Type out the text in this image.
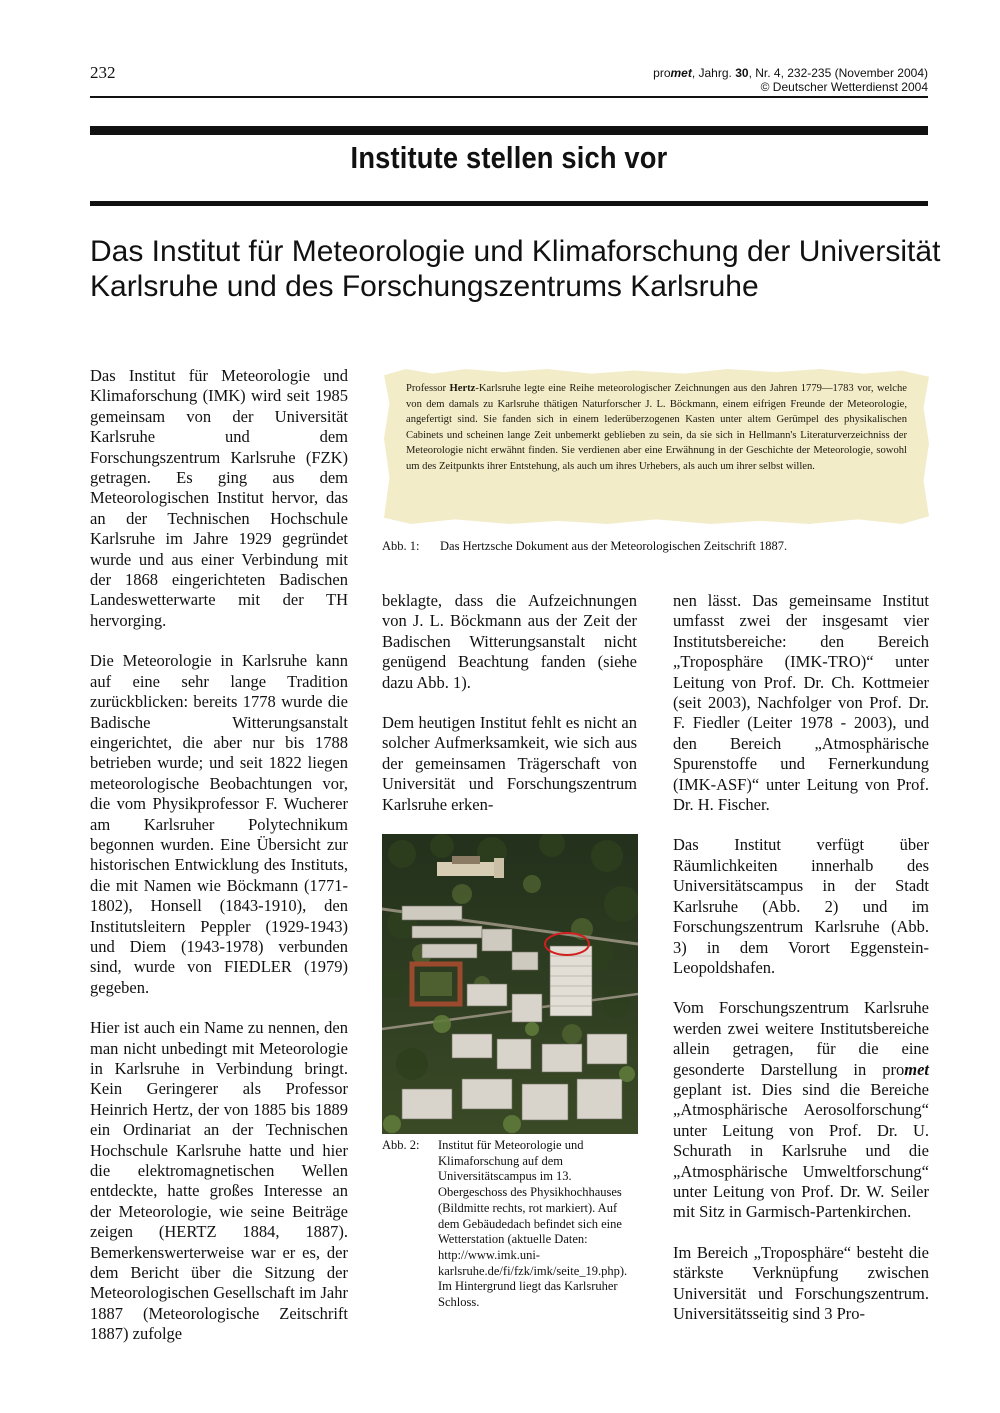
232	promet, Jahrg. 30, Nr. 4, 232-235 (November 2004)
© Deutscher Wetterdienst 2004
Institute stellen sich vor
Das Institut für Meteorologie und Klimaforschung der Universität Karlsruhe und des Forschungszentrums Karlsruhe

Das Institut für Meteorologie und Klimaforschung (IMK) wird seit 1985 gemeinsam von der Universität Karlsruhe und dem Forschungszentrum Karlsruhe (FZK) getragen. Es ging aus dem Meteorologischen Institut hervor, das an der Technischen Hochschule Karlsruhe im Jahre 1929 gegründet wurde und aus einer Verbindung mit der 1868 eingerichteten Badischen Landeswetterwarte mit der TH hervorging.

Die Meteorologie in Karlsruhe kann auf eine sehr lange Tradition zurückblicken: bereits 1778 wurde die Badische Witterungsanstalt eingerichtet, die aber nur bis 1788 betrieben wurde; und seit 1822 liegen meteorologische Beobachtungen vor, die vom Physikprofessor F. Wucherer am Karlsruher Polytechnikum begonnen wurden. Eine Übersicht zur historischen Entwicklung des Instituts, die mit Namen wie Böckmann (1771-1802), Honsell (1843-1910), den Institutsleitern Peppler (1929-1943) und Diem (1943-1978) verbunden sind, wurde von FIEDLER (1979) gegeben.

Hier ist auch ein Name zu nennen, den man nicht unbedingt mit Meteorologie in Karlsruhe in Verbindung bringt. Kein Geringerer als Professor Heinrich Hertz, der von 1885 bis 1889 ein Ordinariat an der Technischen Hochschule Karlsruhe hatte und hier die elektromagnetischen Wellen entdeckte, hatte großes Interesse an der Meteorologie, wie seine Beiträge zeigen (HERTZ 1884, 1887). Bemerkenswerterweise war er es, der dem Bericht über die Sitzung der Meteorologischen Gesellschaft im Jahr 1887 (Meteorologische Zeitschrift 1887) zufolge

Professor Hertz-Karlsruhe legte eine Reihe meteorologischer Zeichnungen aus den Jahren 1779—1783 vor, welche von dem damals zu Karlsruhe thätigen Naturforscher J. L. Böckmann, einem eifrigen Freunde der Meteorologie, angefertigt sind. Sie fanden sich in einem lederüberzogenen Kasten unter altem Gerümpel des physikalischen Cabinets und scheinen lange Zeit unbemerkt geblieben zu sein, da sie sich in Hellmann's Literaturverzeichniss der Meteorologie nicht erwähnt finden. Sie verdienen aber eine Erwähnung in der Geschichte der Meteorologie, sowohl um des Zeitpunkts ihrer Entstehung, als auch um ihres Urhebers, als auch um ihrer selbst willen.

Abb. 1: Das Hertzsche Dokument aus der Meteorologischen Zeitschrift 1887.

beklagte, dass die Aufzeichnungen von J. L. Böckmann aus der Zeit der Badischen Witterungsanstalt nicht genügend Beachtung fanden (siehe dazu Abb. 1).

Dem heutigen Institut fehlt es nicht an solcher Aufmerksamkeit, wie sich aus der gemeinsamen Trägerschaft von Universität und Forschungszentrum Karlsruhe erken-

Abb. 2: Institut für Meteorologie und Klimaforschung auf dem Universitätscampus im 13. Obergeschoss des Physikhochhauses (Bildmitte rechts, rot markiert). Auf dem Gebäudedach befindet sich eine Wetterstation (aktuelle Daten: http://www.imk.uni-karlsruhe.de/fi/fzk/imk/seite_19.php). Im Hintergrund liegt das Karlsruher Schloss.

nen lässt. Das gemeinsame Institut umfasst zwei der insgesamt vier Institutsbereiche: den Bereich „Troposphäre (IMK-TRO)“ unter Leitung von Prof. Dr. Ch. Kottmeier (seit 2003), Nachfolger von Prof. Dr. F. Fiedler (Leiter 1978 - 2003), und den Bereich „Atmosphärische Spurenstoffe und Fernerkundung (IMK-ASF)“ unter Leitung von Prof. Dr. H. Fischer.

Das Institut verfügt über Räumlichkeiten innerhalb des Universitätscampus in der Stadt Karlsruhe (Abb. 2) und im Forschungszentrum Karlsruhe (Abb. 3) in dem Vorort Eggenstein-Leopoldshafen.

Vom Forschungszentrum Karlsruhe werden zwei weitere Institutsbereiche allein getragen, für die eine gesonderte Darstellung in promet geplant ist. Dies sind die Bereiche „Atmosphärische Aerosolforschung“ unter Leitung von Prof. Dr. U. Schurath in Karlsruhe und die „Atmosphärische Umweltforschung“ unter Leitung von Prof. Dr. W. Seiler mit Sitz in Garmisch-Partenkirchen.

Im Bereich „Troposphäre“ besteht die stärkste Verknüpfung zwischen Universität und Forschungszentrum. Universitätsseitig sind 3 Pro-
